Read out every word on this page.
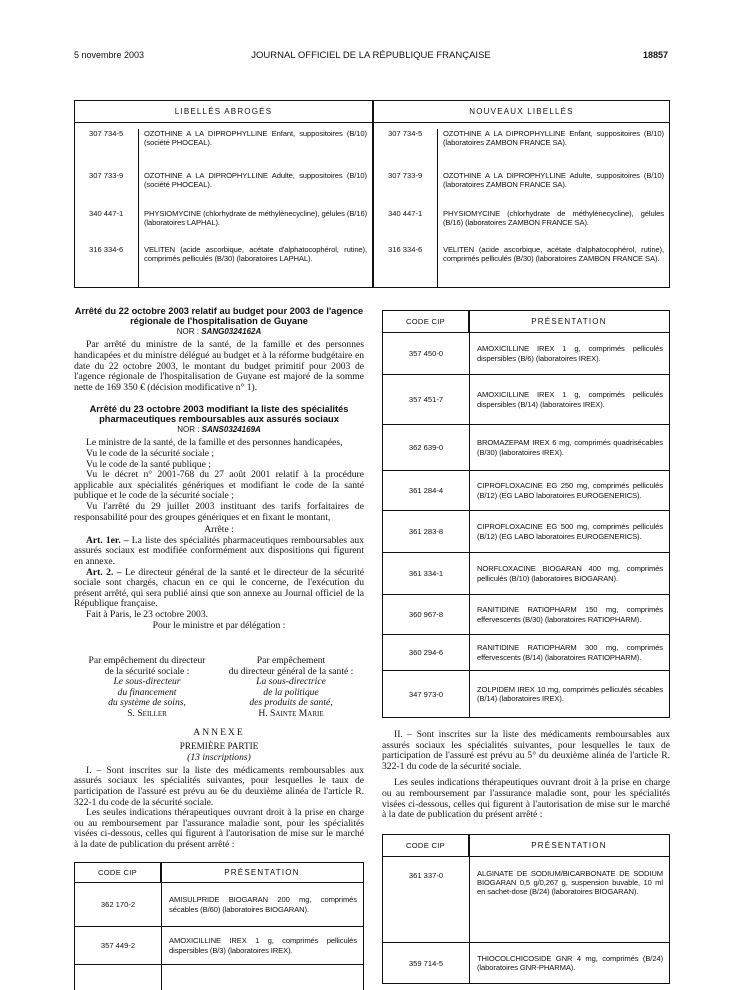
5 novembre 2003	JOURNAL OFFICIEL DE LA RÉPUBLIQUE FRANÇAISE	18857
LIBELLÉS ABROGÉS	NOUVEAUX LIBELLÉS
307 734-5	OZOTHINE A LA DIPROPHYLLINE Enfant, suppositoires (B/10) (société PHOCEAL).
307 734-5	OZOTHINE A LA DIPROPHYLLINE Enfant, suppositoires (B/10) (laboratoires ZAMBON FRANCE SA).
307 733-9	OZOTHINE A LA DIPROPHYLLINE Adulte, suppositoires (B/10) (société PHOCEAL).
307 733-9	OZOTHINE A LA DIPROPHYLLINE Adulte, suppositoires (B/10) (laboratoires ZAMBON FRANCE SA).
340 447-1	PHYSIOMYCINE (chlorhydrate de méthylènecycline), gélules (B/16) (laboratoires LAPHAL).
340 447-1	PHYSIOMYCINE (chlorhydrate de méthylènecycline), gélules (B/16) (laboratoires ZAMBON FRANCE SA).
316 334-6	VELITEN (acide ascorbique, acétate d'alphatocophérol, rutine), comprimés pelliculés (B/30) (laboratoires LAPHAL).
316 334-6	VELITEN (acide ascorbique, acétate d'alphatocophérol, rutine), comprimés pelliculés (B/30) (laboratoires ZAMBON FRANCE SA).
Arrêté du 22 octobre 2003 relatif au budget pour 2003 de l'agence régionale de l'hospitalisation de Guyane
NOR : SANG0324162A

Par arrêté du ministre de la santé, de la famille et des personnes handicapées et du ministre délégué au budget et à la réforme budgétaire en date du 22 octobre 2003, le montant du budget primitif pour 2003 de l'agence régionale de l'hospitalisation de Guyane est majoré de la somme nette de 169 350 € (décision modificative n° 1).

Arrêté du 23 octobre 2003 modifiant la liste des spécialités pharmaceutiques remboursables aux assurés sociaux
NOR : SANS0324169A

Le ministre de la santé, de la famille et des personnes handicapées,

Vu le code de la sécurité sociale ;

Vu le code de la santé publique ;

Vu le décret n° 2001-768 du 27 août 2001 relatif à la procédure applicable aux spécialités génériques et modifiant le code de la santé publique et le code de la sécurité sociale ;

Vu l'arrêté du 29 juillet 2003 instituant des tarifs forfaitaires de responsabilité pour des groupes génériques et en fixant le montant,

Arrête :

Art. 1er. – La liste des spécialités pharmaceutiques remboursables aux assurés sociaux est modifiée conformément aux dispositions qui figurent en annexe.

Art. 2. – Le directeur général de la santé et le directeur de la sécurité sociale sont chargés, chacun en ce qui le concerne, de l'exécution du présent arrêté, qui sera publié ainsi que son annexe au Journal officiel de la République française.

Fait à Paris, le 23 octobre 2003.

Pour le ministre et par délégation :

Par empêchement du directeur
de la sécurité sociale :
Le sous-directeur
du financement
du système de soins,
S. Seiller
Par empêchement
du directeur général de la santé :
La sous-directrice
de la politique
des produits de santé,
H. Sainte Marie

ANNEXE

PREMIÈRE PARTIE

(13 inscriptions)

I. – Sont inscrites sur la liste des médicaments remboursables aux assurés sociaux les spécialités suivantes, pour lesquelles le taux de participation de l'assuré est prévu au 6e du deuxième alinéa de l'article R. 322-1 du code de la sécurité sociale.

Les seules indications thérapeutiques ouvrant droit à la prise en charge ou au remboursement par l'assurance maladie sont, pour les spécialités visées ci-dessous, celles qui figurent à l'autorisation de mise sur le marché à la date de publication du présent arrêté :

CODE CIP	PRÉSENTATION
362 170-2
AMISULPRIDE BIOGARAN 200 mg, comprimés sécables (B/60) (laboratoires BIOGARAN).
357 449-2
AMOXICILLINE IREX 1 g, comprimés pelliculés dispersibles (B/3) (laboratoires IREX).
CODE CIP	PRÉSENTATION
357 450-0
AMOXICILLINE IREX 1 g, comprimés pelliculés dispersibles (B/6) (laboratoires IREX).
357 451-7
AMOXICILLINE IREX 1 g, comprimés pelliculés dispersibles (B/14) (laboratoires IREX).
362 639-0
BROMAZEPAM IREX 6 mg, comprimés quadrisécables (B/30) (laboratoires IREX).
361 284-4
CIPROFLOXACINE EG 250 mg, comprimés pelliculés (B/12) (EG LABO laboratoires EUROGENERICS).
361 283-8
CIPROFLOXACINE EG 500 mg, comprimés pelliculés (B/12) (EG LABO laboratoires EUROGENERICS).
361 334-1
NORFLOXACINE BIOGARAN 400 mg, comprimés pelliculés (B/10) (laboratoires BIOGARAN).
360 967-8
RANITIDINE RATIOPHARM 150 mg, comprimés effervescents (B/30) (laboratoires RATIOPHARM).
360 294-6
RANITIDINE RATIOPHARM 300 mg, comprimés effervescents (B/14) (laboratoires RATIOPHARM).
347 973-0
ZOLPIDEM IREX 10 mg, comprimés pelliculés sécables (B/14) (laboratoires IREX).

II. – Sont inscrites sur la liste des médicaments remboursables aux assurés sociaux les spécialités suivantes, pour lesquelles le taux de participation de l'assuré est prévu au 5° du deuxième alinéa de l'article R. 322-1 du code de la sécurité sociale.

Les seules indications thérapeutiques ouvrant droit à la prise en charge ou au remboursement par l'assurance maladie sont, pour les spécialités visées ci-dessous, celles qui figurent à l'autorisation de mise sur le marché à la date de publication du présent arrêté :

CODE CIP	PRÉSENTATION
361 337-0	ALGINATE DE SODIUM/BICARBONATE DE SODIUM BIOGARAN 0,5 g/0,267 g, suspension buvable, 10 ml en sachet-dose (B/24) (laboratoires BIOGARAN).
359 714-5
THIOCOLCHICOSIDE GNR 4 mg, comprimés (B/24) (laboratoires GNR-PHARMA).
